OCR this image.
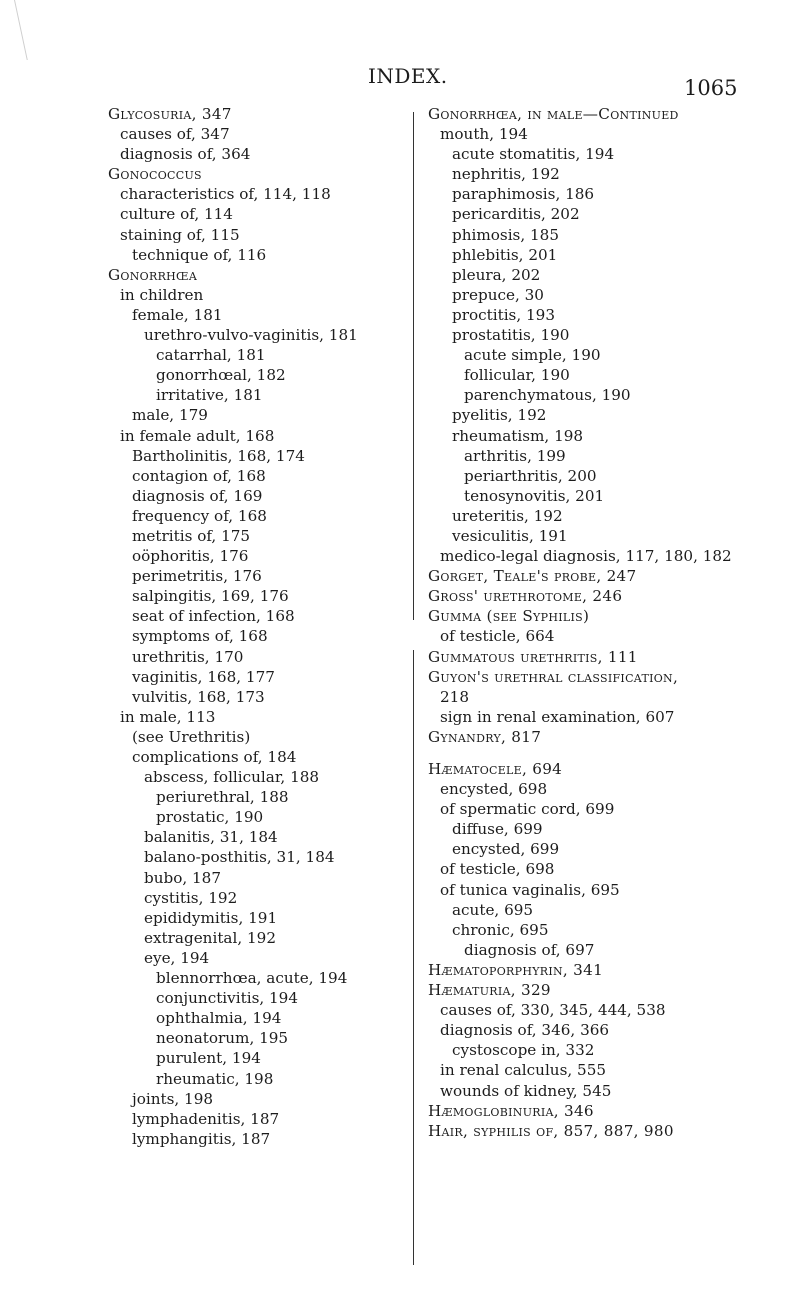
INDEX.	1065
Glycosuria, 347
causes of, 347
diagnosis of, 364
Gonococcus
characteristics of, 114, 118
culture of, 114
staining of, 115
technique of, 116
Gonorrhœa
in children
female, 181
urethro-vulvo-vaginitis, 181
catarrhal, 181
gonorrhœal, 182
irritative, 181
male, 179
in female adult, 168
Bartholinitis, 168, 174
contagion of, 168
diagnosis of, 169
frequency of, 168
metritis of, 175
oöphoritis, 176
perimetritis, 176
salpingitis, 169, 176
seat of infection, 168
symptoms of, 168
urethritis, 170
vaginitis, 168, 177
vulvitis, 168, 173
in male, 113
(see Urethritis)
complications of, 184
abscess, follicular, 188
periurethral, 188
prostatic, 190
balanitis, 31, 184
balano-posthitis, 31, 184
bubo, 187
cystitis, 192
epididymitis, 191
extragenital, 192
eye, 194
blennorrhœa, acute, 194
conjunctivitis, 194
ophthalmia, 194
neonatorum, 195
purulent, 194
rheumatic, 198
joints, 198
lymphadenitis, 187
lymphangitis, 187
Gonorrhœa, in male—Continued
mouth, 194
acute stomatitis, 194
nephritis, 192
paraphimosis, 186
pericarditis, 202
phimosis, 185
phlebitis, 201
pleura, 202
prepuce, 30
proctitis, 193
prostatitis, 190
acute simple, 190
follicular, 190
parenchymatous, 190
pyelitis, 192
rheumatism, 198
arthritis, 199
periarthritis, 200
tenosynovitis, 201
ureteritis, 192
vesiculitis, 191
medico-legal diagnosis, 117, 180, 182
Gorget, Teale's probe, 247
Gross' urethrotome, 246
Gumma (see Syphilis)
of testicle, 664
Gummatous urethritis, 111
Guyon's urethral classification,
218
sign in renal examination, 607
Gynandry, 817
Hæmatocele, 694
encysted, 698
of spermatic cord, 699
diffuse, 699
encysted, 699
of testicle, 698
of tunica vaginalis, 695
acute, 695
chronic, 695
diagnosis of, 697
Hæmatoporphyrin, 341
Hæmaturia, 329
causes of, 330, 345, 444, 538
diagnosis of, 346, 366
cystoscope in, 332
in renal calculus, 555
wounds of kidney, 545
Hæmoglobinuria, 346
Hair, syphilis of, 857, 887, 980
